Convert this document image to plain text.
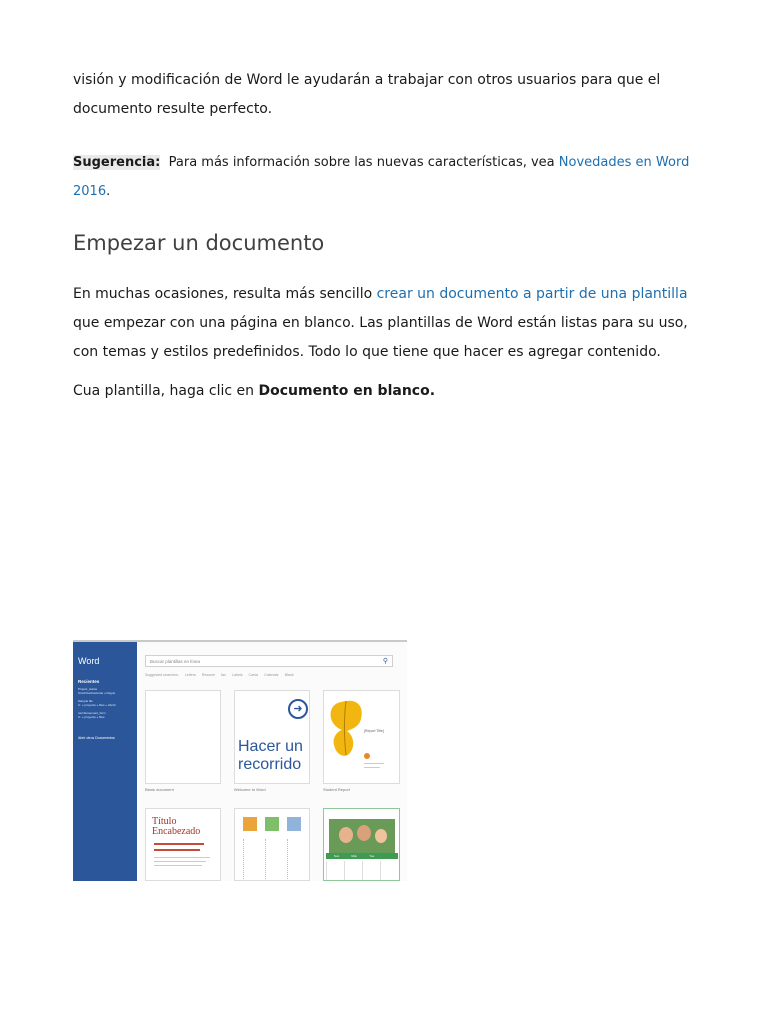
visión y modificación de Word le ayudarán a trabajar con otros usuarios para que el
documento resulte perfecto.

Sugerencia: Para más información sobre las nuevas características, vea Novedades en Word 2016.

Empezar un documento

En muchas ocasiones, resulta más sencillo crear un documento a partir de una plantilla que empezar con una página en blanco. Las plantillas de Word están listas para su uso, con temas y estilos predefinidos. Todo lo que tiene que hacer es agregar contenido.

Cua plantilla, haga clic en Documento en blanco.

Word
Recientes
Project_status
OneDrive\Facturas » Dsgne
Sample file
C: » proyecto » files » 2Act2
reimbursement_form
C: » proyecto » files
Abrir otros Documentos
Buscar plantillas en línea	⚲
Suggested searches: Letters Resume fax Labels Cards Calendar Blank
Blank document
➜
Hacer un recorrido
Welcome to Word
[Report Title]
Student Report
Título Encabezado
Sun	Mon	Tue
